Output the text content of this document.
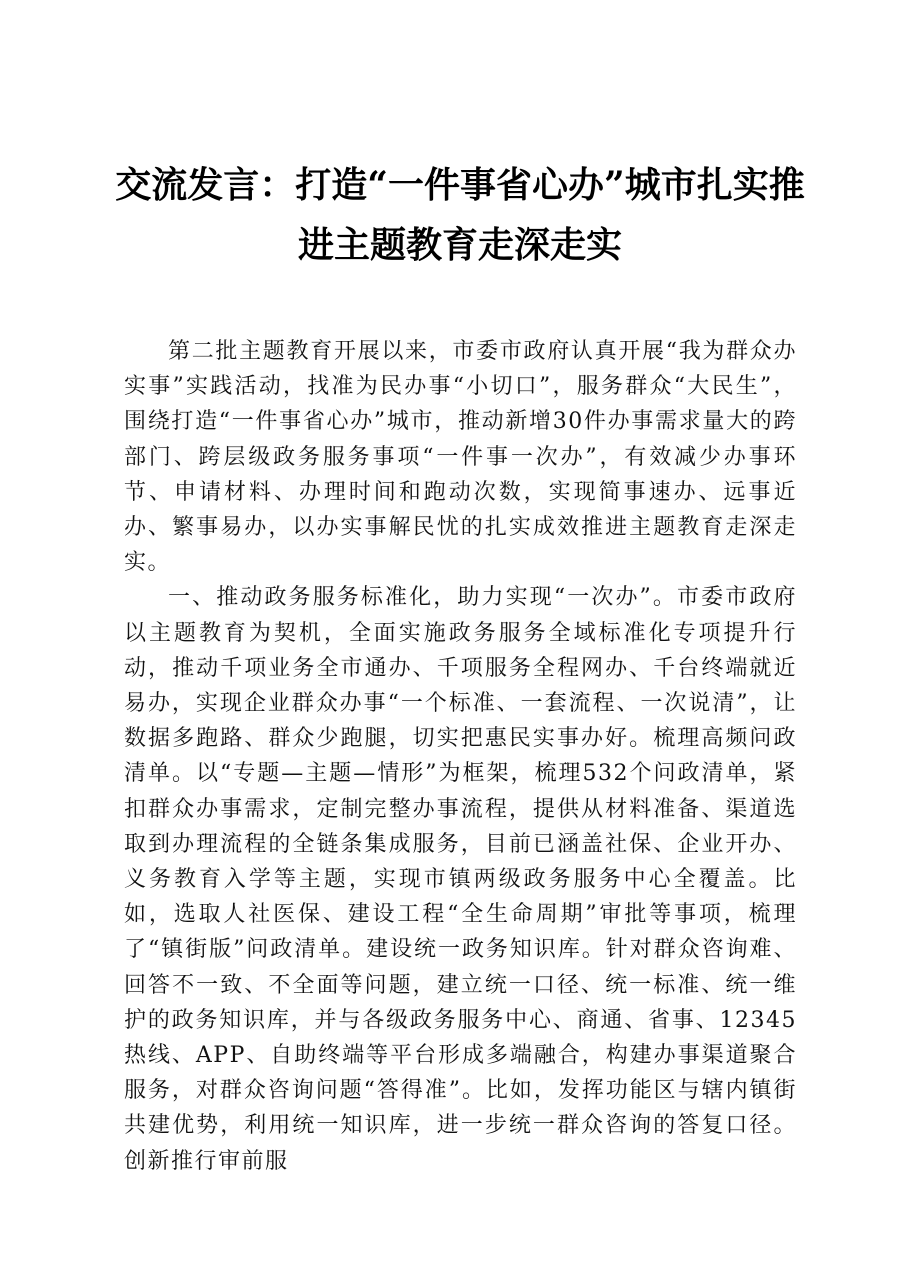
交流发言：打造“一件事省心办”城市扎实推
进主题教育走深走实

第二批主题教育开展以来，市委市政府认真开展“我为群众办实事”实践活动，找准为民办事“小切口”，服务群众“大民生”，围绕打造“一件事省心办”城市，推动新增30件办事需求量大的跨部门、跨层级政务服务事项“一件事一次办”，有效减少办事环节、申请材料、办理时间和跑动次数，实现简事速办、远事近办、繁事易办，以办实事解民忧的扎实成效推进主题教育走深走实。

一、推动政务服务标准化，助力实现“一次办”。市委市政府以主题教育为契机，全面实施政务服务全域标准化专项提升行动，推动千项业务全市通办、千项服务全程网办、千台终端就近易办，实现企业群众办事“一个标准、一套流程、一次说清”，让数据多跑路、群众少跑腿，切实把惠民实事办好。梳理高频问政清单。以“专题—主题—情形”为框架，梳理532个问政清单，紧扣群众办事需求，定制完整办事流程，提供从材料准备、渠道选取到办理流程的全链条集成服务，目前已涵盖社保、企业开办、义务教育入学等主题，实现市镇两级政务服务中心全覆盖。比如，选取人社医保、建设工程“全生命周期”审批等事项，梳理了“镇街版”问政清单。建设统一政务知识库。针对群众咨询难、回答不一致、不全面等问题，建立统一口径、统一标准、统一维护的政务知识库，并与各级政务服务中心、商通、省事、12345热线、APP、自助终端等平台形成多端融合，构建办事渠道聚合服务，对群众咨询问题“答得准”。比如，发挥功能区与辖内镇街共建优势，利用统一知识库，进一步统一群众咨询的答复口径。创新推行审前服
